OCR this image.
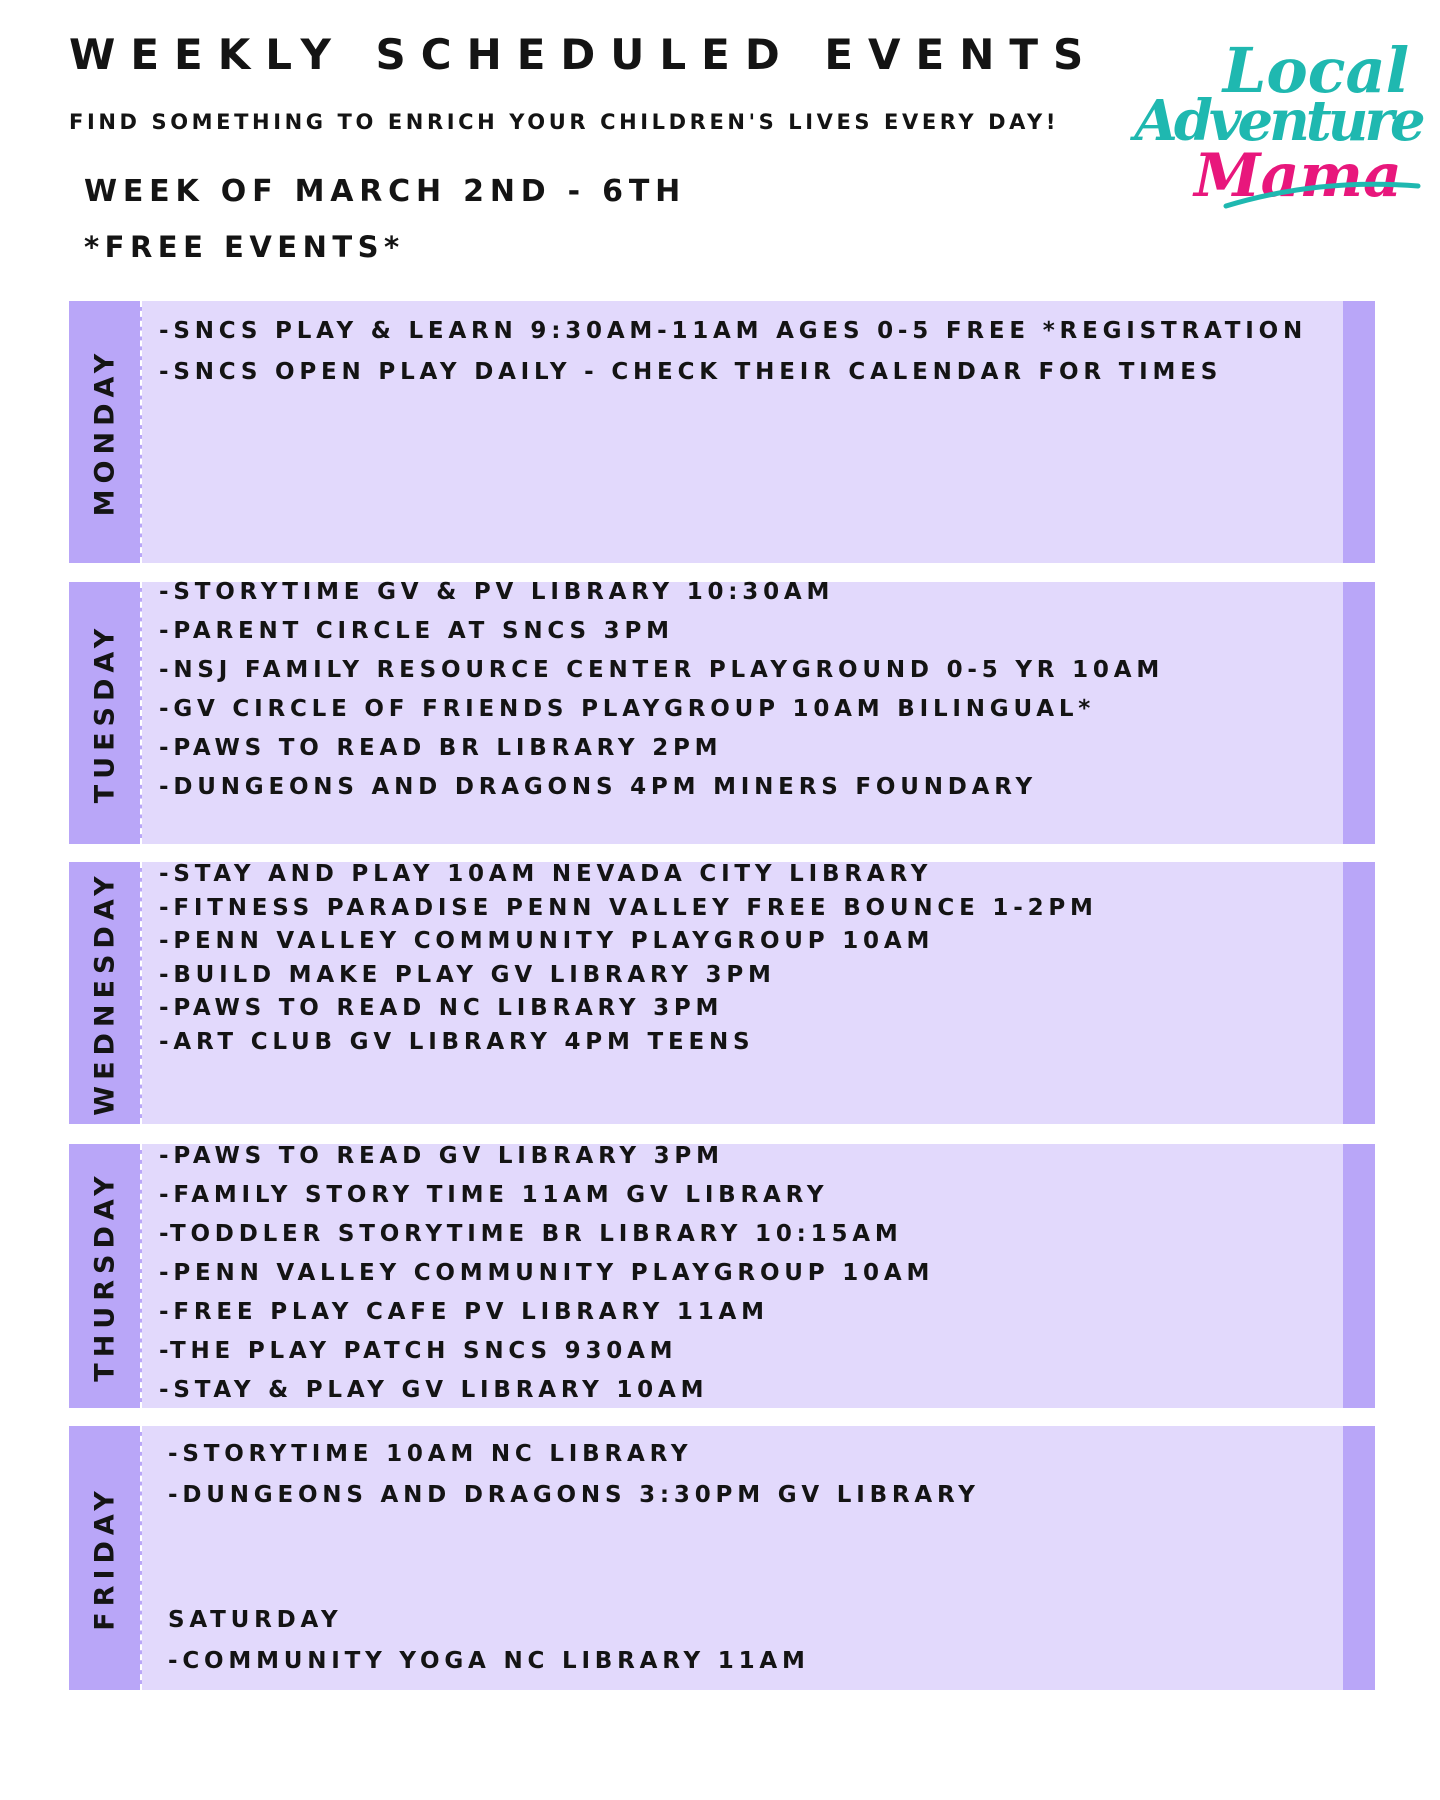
WEEKLY SCHEDULED EVENTS
FIND SOMETHING TO ENRICH YOUR CHILDREN'S LIVES EVERY DAY!
WEEK OF MARCH 2ND - 6TH
*FREE EVENTS*
Local
Adventure
Mama
MONDAY
-SNCS PLAY & LEARN 9:30AM-11AM AGES 0-5 FREE *REGISTRATION
-SNCS OPEN PLAY DAILY - CHECK THEIR CALENDAR FOR TIMES
TUESDAY
-STORYTIME GV & PV LIBRARY 10:30AM
-PARENT CIRCLE AT SNCS 3PM
-NSJ FAMILY RESOURCE CENTER PLAYGROUND 0-5 YR 10AM
-GV CIRCLE OF FRIENDS PLAYGROUP 10AM BILINGUAL*
-PAWS TO READ BR LIBRARY 2PM
-DUNGEONS AND DRAGONS 4PM MINERS FOUNDARY
WEDNESDAY -STAY AND PLAY 10AM NEVADA CITY LIBRARY
-FITNESS PARADISE PENN VALLEY FREE BOUNCE 1-2PM
-PENN VALLEY COMMUNITY PLAYGROUP 10AM
-BUILD MAKE PLAY GV LIBRARY 3PM
-PAWS TO READ NC LIBRARY 3PM
-ART CLUB GV LIBRARY 4PM TEENS
THURSDAY
-PAWS TO READ GV LIBRARY 3PM
-FAMILY STORY TIME 11AM GV LIBRARY
-TODDLER STORYTIME BR LIBRARY 10:15AM
-PENN VALLEY COMMUNITY PLAYGROUP 10AM
-FREE PLAY CAFE PV LIBRARY 11AM
-THE PLAY PATCH SNCS 930AM
-STAY & PLAY GV LIBRARY 10AM
FRIDAY
-STORYTIME 10AM NC LIBRARY
-DUNGEONS AND DRAGONS 3:30PM GV LIBRARY
SATURDAY
-COMMUNITY YOGA NC LIBRARY 11AM
